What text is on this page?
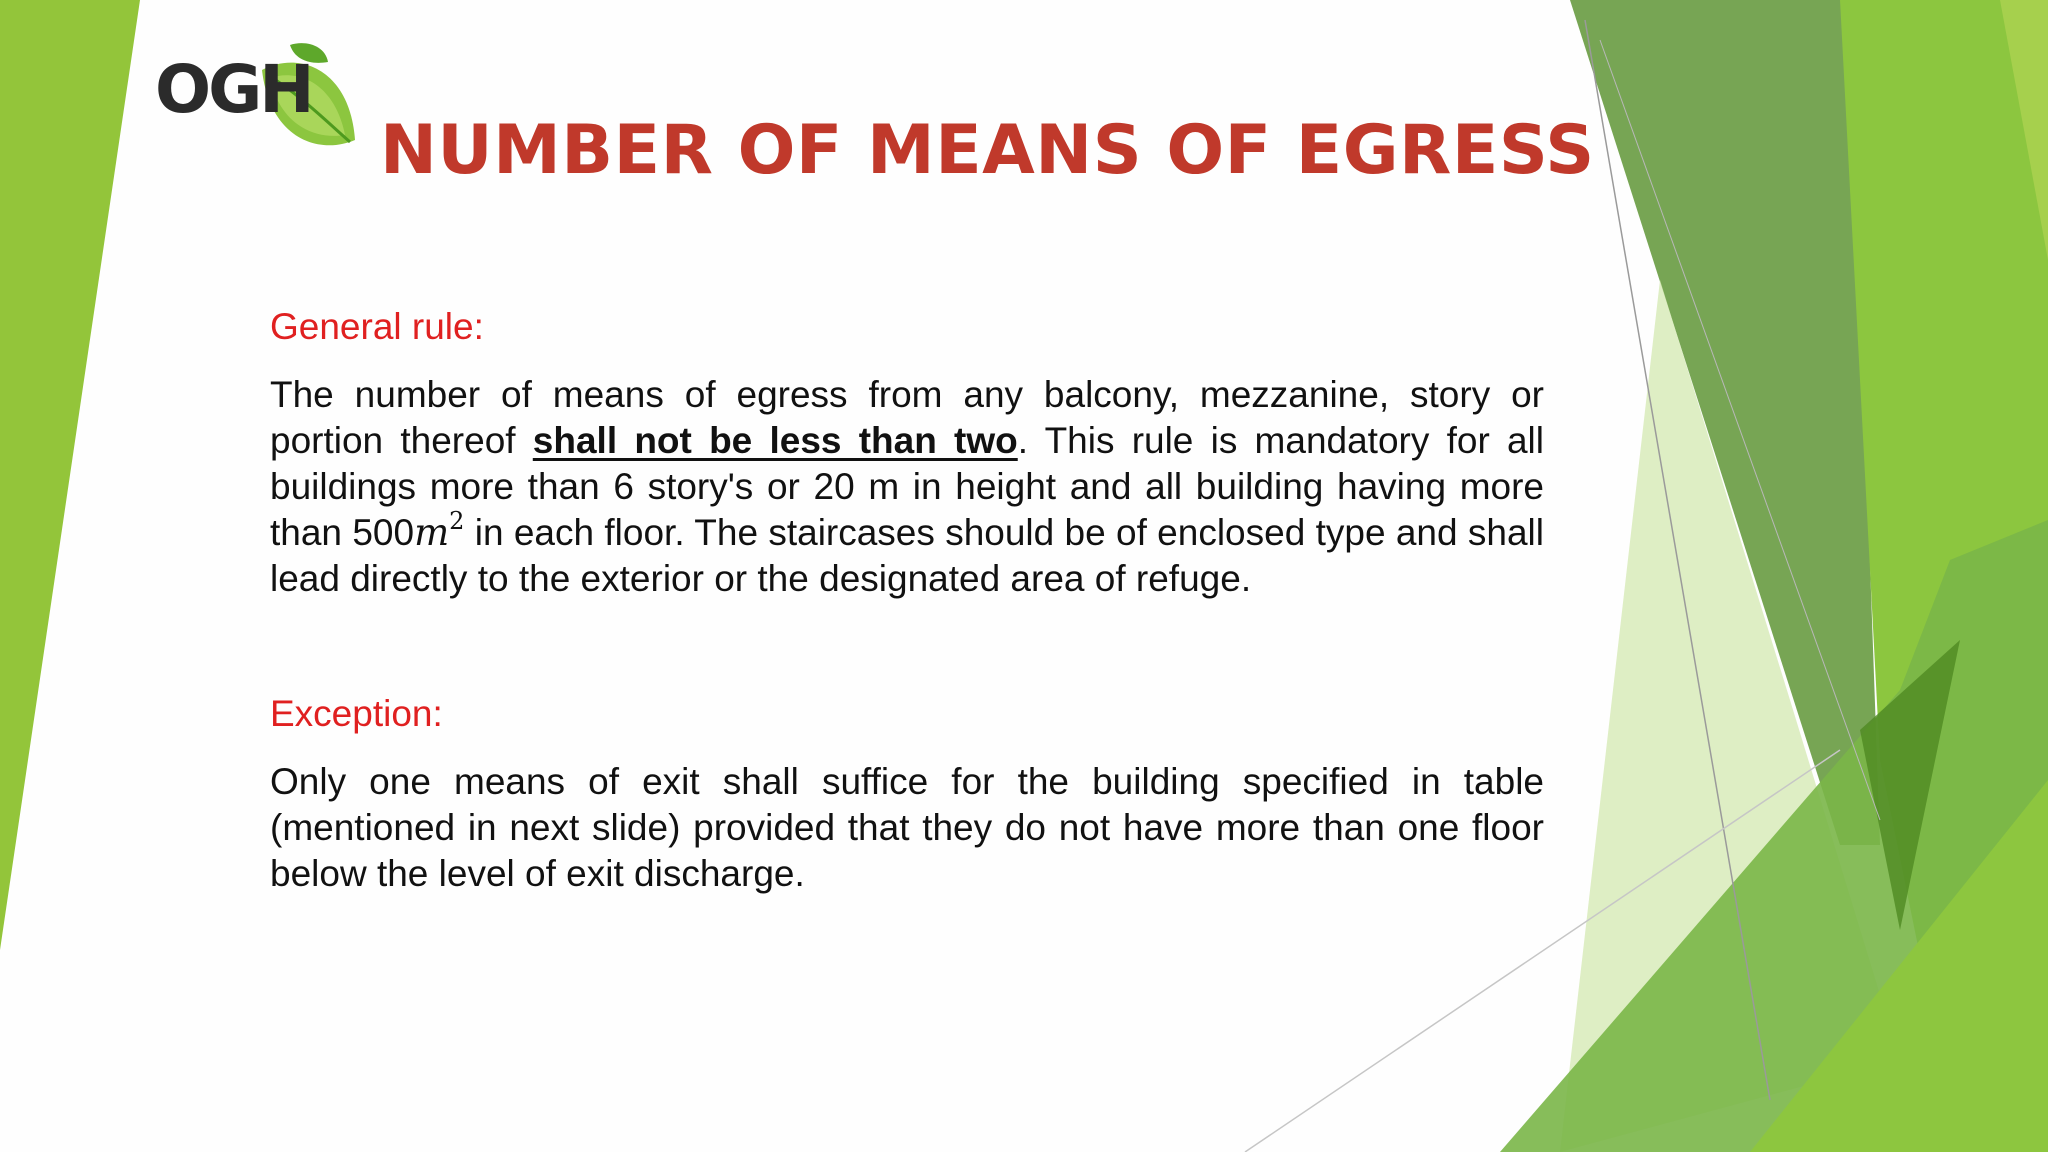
OGH
NUMBER OF MEANS OF EGRESS
General rule:
The number of means of egress from any balcony, mezzanine, story or portion thereof shall not be less than two. This rule is mandatory for all buildings more than 6 story's or 20 m in height and all building having more than $500m^2$ in each floor. The staircases should be of enclosed type and shall lead directly to the exterior or the designated area of refuge.
Exception:
Only one means of exit shall suffice for the building specified in table (mentioned in next slide) provided that they do not have more than one floor below the level of exit discharge.
